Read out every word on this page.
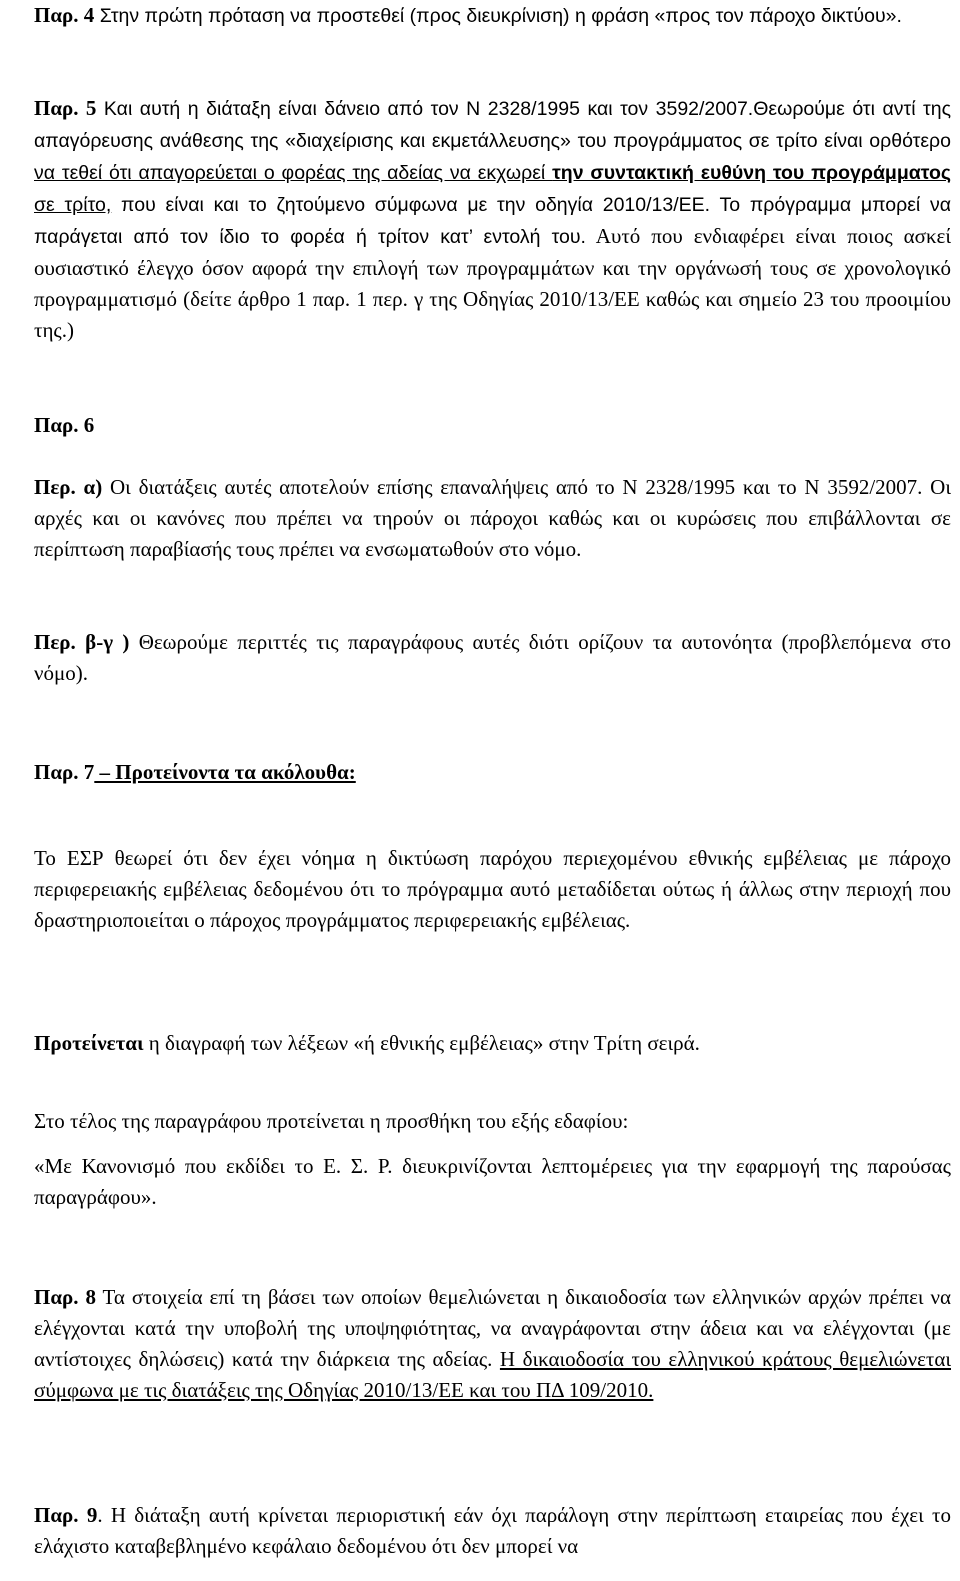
Παρ. 4 Στην πρώτη πρόταση να προστεθεί (προς διευκρίνιση) η φράση «προς τον πάροχο δικτύου».

Παρ. 5 Και αυτή η διάταξη είναι δάνειο από τον Ν 2328/1995 και τον 3592/2007.Θεωρούμε ότι αντί της απαγόρευσης ανάθεσης της «διαχείρισης και εκμετάλλευσης» του προγράμματος σε τρίτο είναι ορθότερο να τεθεί ότι απαγορεύεται ο φορέας της αδείας να εκχωρεί την συντακτική ευθύνη του προγράμματος σε τρίτο, που είναι και το ζητούμενο σύμφωνα με την οδηγία 2010/13/ΕΕ. Το πρόγραμμα μπορεί να παράγεται από τον ίδιο το φορέα ή τρίτον κατ’ εντολή του. Αυτό που ενδιαφέρει είναι ποιος ασκεί ουσιαστικό έλεγχο όσον αφορά την επιλογή των προγραμμάτων και την οργάνωσή τους σε χρονολογικό προγραμματισμό (δείτε άρθρο 1 παρ. 1 περ. γ της Οδηγίας 2010/13/ΕΕ καθώς και σημείο 23 του προοιμίου της.)

Παρ. 6

Περ. α) Οι διατάξεις αυτές αποτελούν επίσης επαναλήψεις από το Ν 2328/1995 και το Ν 3592/2007. Οι αρχές και οι κανόνες που πρέπει να τηρούν οι πάροχοι καθώς και οι κυρώσεις που επιβάλλονται σε περίπτωση παραβίασής τους πρέπει να ενσωματωθούν στο νόμο.

Περ. β-γ ) Θεωρούμε περιττές τις παραγράφους αυτές διότι ορίζουν τα αυτονόητα (προβλεπόμενα στο νόμο).

Παρ. 7 – Προτείνοντα τα ακόλουθα:

Το ΕΣΡ θεωρεί ότι δεν έχει νόημα η δικτύωση παρόχου περιεχομένου εθνικής εμβέλειας με πάροχο περιφερειακής εμβέλειας δεδομένου ότι το πρόγραμμα αυτό μεταδίδεται ούτως ή άλλως στην περιοχή που δραστηριοποιείται ο πάροχος προγράμματος περιφερειακής εμβέλειας.

Προτείνεται η διαγραφή των λέξεων «ή εθνικής εμβέλειας» στην Τρίτη σειρά.

Στο τέλος της παραγράφου προτείνεται η προσθήκη του εξής εδαφίου:

«Με Κανονισμό που εκδίδει το Ε. Σ. Ρ. διευκρινίζονται λεπτομέρειες για την εφαρμογή της παρούσας παραγράφου».

Παρ. 8 Τα στοιχεία επί τη βάσει των οποίων θεμελιώνεται η δικαιοδοσία των ελληνικών αρχών πρέπει να ελέγχονται κατά την υποβολή της υποψηφιότητας, να αναγράφονται στην άδεια και να ελέγχονται (με αντίστοιχες δηλώσεις) κατά την διάρκεια της αδείας. Η δικαιοδοσία του ελληνικού κράτους θεμελιώνεται σύμφωνα με τις διατάξεις της Οδηγίας 2010/13/ΕΕ και του ΠΔ 109/2010.

Παρ. 9. Η διάταξη αυτή κρίνεται περιοριστική εάν όχι παράλογη στην περίπτωση εταιρείας που έχει το ελάχιστο καταβεβλημένο κεφάλαιο δεδομένου ότι δεν μπορεί να
